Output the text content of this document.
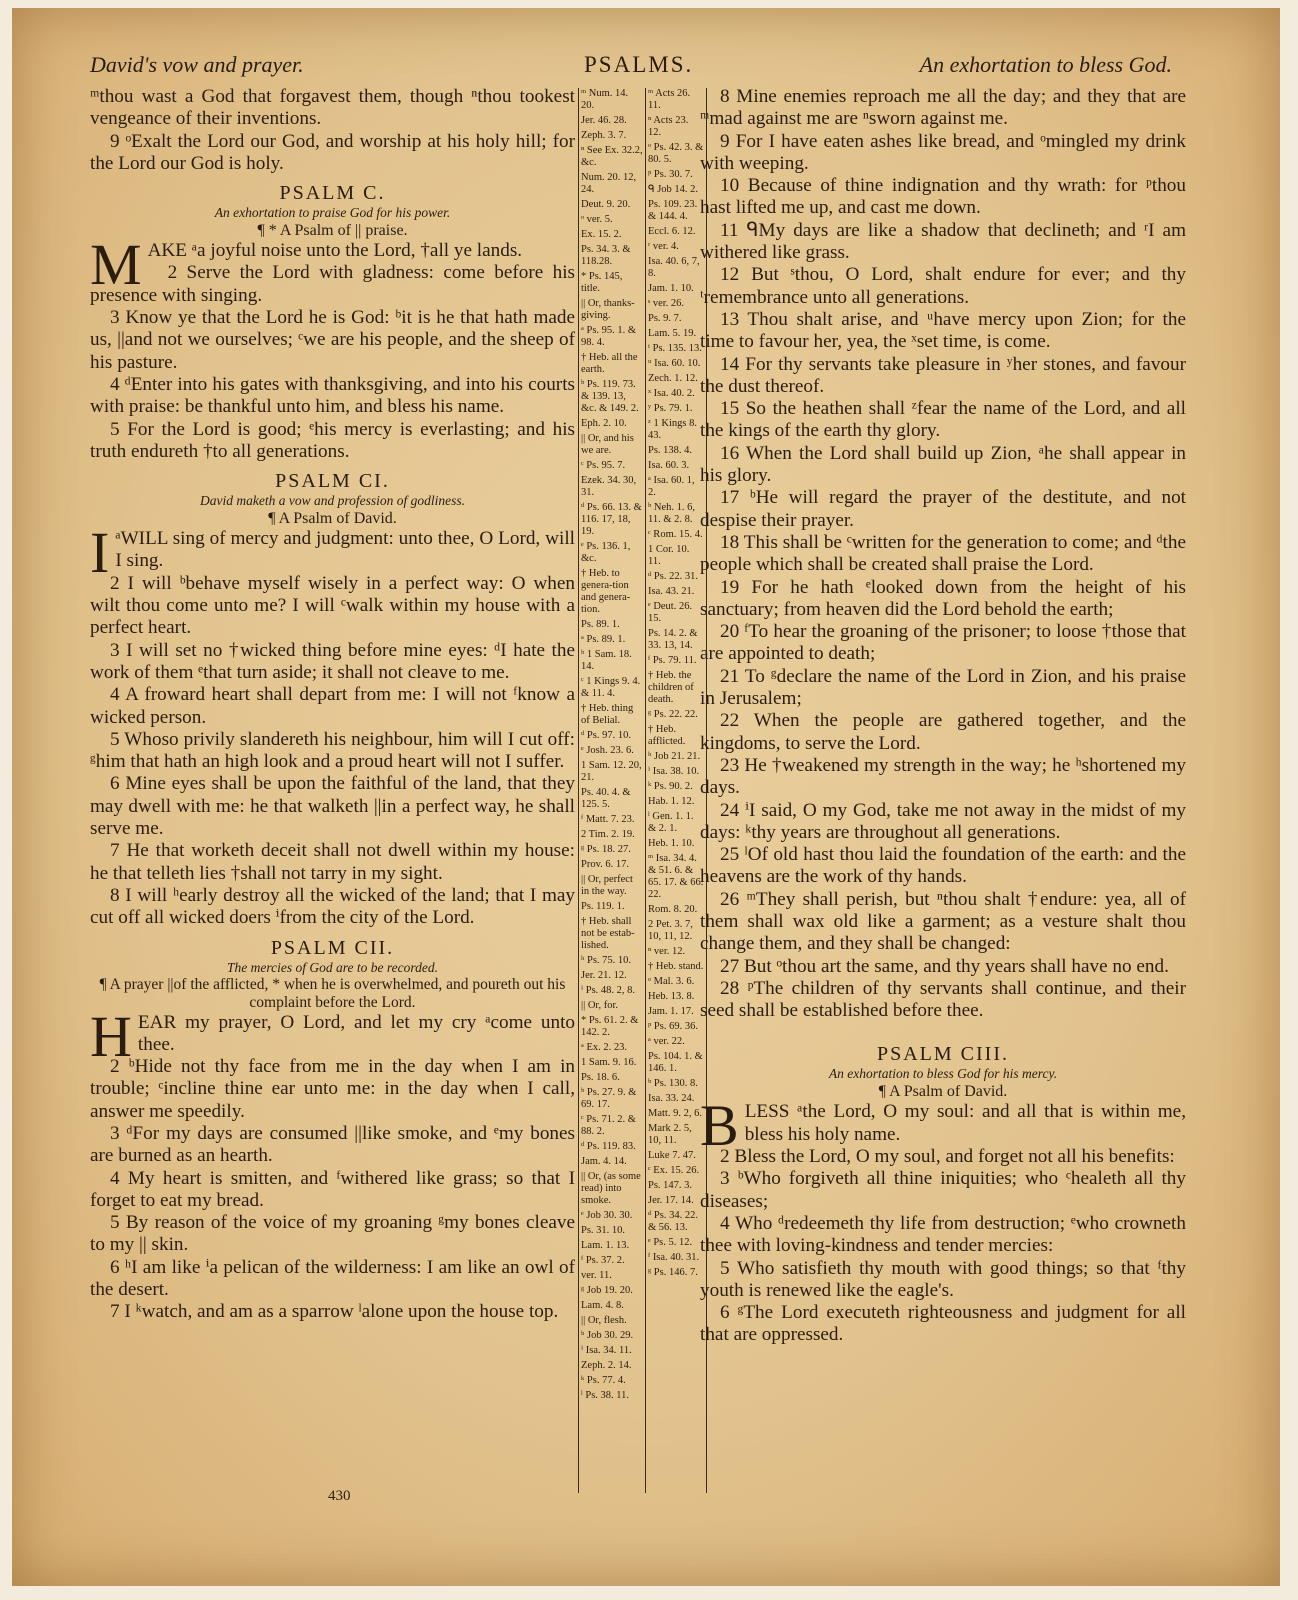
David's vow and prayer.	PSALMS.	An exhortation to bless God.

ᵐthou wast a God that forgavest them, though ⁿthou tookest vengeance of their inventions.

9 ᵒExalt the Lord our God, and worship at his holy hill; for the Lord our God is holy.

PSALM C.
An exhortation to praise God for his power.
¶ * A Psalm of || praise.

MAKE ᵃa joyful noise unto the Lord, †all ye lands.

2 Serve the Lord with gladness: come before his presence with singing.

3 Know ye that the Lord he is God: ᵇit is he that hath made us, ||and not we ourselves; ᶜwe are his people, and the sheep of his pasture.

4 ᵈEnter into his gates with thanksgiving, and into his courts with praise: be thankful unto him, and bless his name.

5 For the Lord is good; ᵉhis mercy is everlasting; and his truth endureth †to all generations.

PSALM CI.
David maketh a vow and profession of godliness.
¶ A Psalm of David.

IᵃWILL sing of mercy and judgment: unto thee, O Lord, will I sing.

2 I will ᵇbehave myself wisely in a perfect way: O when wilt thou come unto me? I will ᶜwalk within my house with a perfect heart.

3 I will set no †wicked thing before mine eyes: ᵈI hate the work of them ᵉthat turn aside; it shall not cleave to me.

4 A froward heart shall depart from me: I will not ᶠknow a wicked person.

5 Whoso privily slandereth his neighbour, him will I cut off: ᵍhim that hath an high look and a proud heart will not I suffer.

6 Mine eyes shall be upon the faithful of the land, that they may dwell with me: he that walketh ||in a perfect way, he shall serve me.

7 He that worketh deceit shall not dwell within my house: he that telleth lies †shall not tarry in my sight.

8 I will ʰearly destroy all the wicked of the land; that I may cut off all wicked doers ⁱfrom the city of the Lord.

PSALM CII.
The mercies of God are to be recorded.
¶ A prayer ||of the afflicted, * when he is overwhelmed, and poureth out his complaint before the Lord.

HEAR my prayer, O Lord, and let my cry ᵃcome unto thee.

2 ᵇHide not thy face from me in the day when I am in trouble; ᶜincline thine ear unto me: in the day when I call, answer me speedily.

3 ᵈFor my days are consumed ||like smoke, and ᵉmy bones are burned as an hearth.

4 My heart is smitten, and ᶠwithered like grass; so that I forget to eat my bread.

5 By reason of the voice of my groaning ᵍmy bones cleave to my || skin.

6 ʰI am like ⁱa pelican of the wilderness: I am like an owl of the desert.

7 I ᵏwatch, and am as a sparrow ˡalone upon the house top.

ᵐ Num. 14. 20.
Jer. 46. 28.
Zeph. 3. 7.
ⁿ See Ex. 32.2, &c.
Num. 20. 12, 24.
Deut. 9. 20.
ᵒ ver. 5.
Ex. 15. 2.
Ps. 34. 3. & 118.28.
* Ps. 145, title.
|| Or, thanks-giving.
ᵃ Ps. 95. 1. & 98. 4.
† Heb. all the earth.
ᵇ Ps. 119. 73. & 139. 13, &c. & 149. 2.
Eph. 2. 10.
|| Or, and his we are.
ᶜ Ps. 95. 7.
Ezek. 34. 30, 31.
ᵈ Ps. 66. 13. & 116. 17, 18, 19.
ᵉ Ps. 136. 1, &c.
† Heb. to genera-tion and genera-tion.
Ps. 89. 1.
ᵃ Ps. 89. 1.
ᵇ 1 Sam. 18. 14.
ᶜ 1 Kings 9. 4. & 11. 4.
† Heb. thing of Belial.
ᵈ Ps. 97. 10.
ᵉ Josh. 23. 6.
1 Sam. 12. 20, 21.
Ps. 40. 4. & 125. 5.
ᶠ Matt. 7. 23.
2 Tim. 2. 19.
ᵍ Ps. 18. 27.
Prov. 6. 17.
|| Or, perfect in the way.
Ps. 119. 1.
† Heb. shall not be estab-lished.
ʰ Ps. 75. 10.
Jer. 21. 12.
ⁱ Ps. 48. 2, 8.
|| Or, for.
* Ps. 61. 2. & 142. 2.
ᵃ Ex. 2. 23.
1 Sam. 9. 16.
Ps. 18. 6.
ᵇ Ps. 27. 9. & 69. 17.
ᶜ Ps. 71. 2. & 88. 2.
ᵈ Ps. 119. 83.
Jam. 4. 14.
|| Or, (as some read) into smoke.
ᵉ Job 30. 30.
Ps. 31. 10.
Lam. 1. 13.
ᶠ Ps. 37. 2.
ver. 11.
ᵍ Job 19. 20.
Lam. 4. 8.
|| Or, flesh.
ʰ Job 30. 29.
ⁱ Isa. 34. 11.
Zeph. 2. 14.
ᵏ Ps. 77. 4.
ˡ Ps. 38. 11.
ᵐ Acts 26. 11.
ⁿ Acts 23. 12.
ᵒ Ps. 42. 3. & 80. 5.
ᵖ Ps. 30. 7.
ᑫ Job 14. 2.
Ps. 109. 23. & 144. 4.
Eccl. 6. 12.
ʳ ver. 4.
Isa. 40. 6, 7, 8.
Jam. 1. 10.
ˢ ver. 26.
Ps. 9. 7.
Lam. 5. 19.
ᵗ Ps. 135. 13.
ᵘ Isa. 60. 10.
Zech. 1. 12.
ˣ Isa. 40. 2.
ʸ Ps. 79. 1.
ᶻ 1 Kings 8. 43.
Ps. 138. 4.
Isa. 60. 3.
ᵃ Isa. 60. 1, 2.
ᵇ Neh. 1. 6, 11. & 2. 8.
ᶜ Rom. 15. 4.
1 Cor. 10. 11.
ᵈ Ps. 22. 31.
Isa. 43. 21.
ᵉ Deut. 26. 15.
Ps. 14. 2. & 33. 13, 14.
ᶠ Ps. 79. 11.
† Heb. the children of death.
ᵍ Ps. 22. 22.
† Heb. afflicted.
ʰ Job 21. 21.
ⁱ Isa. 38. 10.
ᵏ Ps. 90. 2.
Hab. 1. 12.
ˡ Gen. 1. 1. & 2. 1.
Heb. 1. 10.
ᵐ Isa. 34. 4. & 51. 6. & 65. 17. & 66. 22.
Rom. 8. 20.
2 Pet. 3. 7, 10, 11, 12.
ⁿ ver. 12.
† Heb. stand.
ᵒ Mal. 3. 6.
Heb. 13. 8.
Jam. 1. 17.
ᵖ Ps. 69. 36.
ᵃ ver. 22.
Ps. 104. 1. & 146. 1.
ᵇ Ps. 130. 8.
Isa. 33. 24.
Matt. 9. 2, 6.
Mark 2. 5, 10, 11.
Luke 7. 47.
ᶜ Ex. 15. 26.
Ps. 147. 3.
Jer. 17. 14.
ᵈ Ps. 34. 22. & 56. 13.
ᵉ Ps. 5. 12.
ᶠ Isa. 40. 31.
ᵍ Ps. 146. 7.

8 Mine enemies reproach me all the day; and they that are ᵐmad against me are ⁿsworn against me.

9 For I have eaten ashes like bread, and ᵒmingled my drink with weeping.

10 Because of thine indignation and thy wrath: for ᵖthou hast lifted me up, and cast me down.

11 ᑫMy days are like a shadow that declineth; and ʳI am withered like grass.

12 But ˢthou, O Lord, shalt endure for ever; and thy ᵗremembrance unto all generations.

13 Thou shalt arise, and ᵘhave mercy upon Zion; for the time to favour her, yea, the ˣset time, is come.

14 For thy servants take pleasure in ʸher stones, and favour the dust thereof.

15 So the heathen shall ᶻfear the name of the Lord, and all the kings of the earth thy glory.

16 When the Lord shall build up Zion, ᵃhe shall appear in his glory.

17 ᵇHe will regard the prayer of the destitute, and not despise their prayer.

18 This shall be ᶜwritten for the generation to come; and ᵈthe people which shall be created shall praise the Lord.

19 For he hath ᵉlooked down from the height of his sanctuary; from heaven did the Lord behold the earth;

20 ᶠTo hear the groaning of the prisoner; to loose †those that are appointed to death;

21 To ᵍdeclare the name of the Lord in Zion, and his praise in Jerusalem;

22 When the people are gathered together, and the kingdoms, to serve the Lord.

23 He †weakened my strength in the way; he ʰshortened my days.

24 ⁱI said, O my God, take me not away in the midst of my days: ᵏthy years are throughout all generations.

25 ˡOf old hast thou laid the foundation of the earth: and the heavens are the work of thy hands.

26 ᵐThey shall perish, but ⁿthou shalt †endure: yea, all of them shall wax old like a garment; as a vesture shalt thou change them, and they shall be changed:

27 But ᵒthou art the same, and thy years shall have no end.

28 ᵖThe children of thy servants shall continue, and their seed shall be established before thee.

PSALM CIII.
An exhortation to bless God for his mercy.
¶ A Psalm of David.

BLESS ᵃthe Lord, O my soul: and all that is within me, bless his holy name.

2 Bless the Lord, O my soul, and forget not all his benefits:

3 ᵇWho forgiveth all thine iniquities; who ᶜhealeth all thy diseases;

4 Who ᵈredeemeth thy life from destruction; ᵉwho crowneth thee with loving-kindness and tender mercies:

5 Who satisfieth thy mouth with good things; so that ᶠthy youth is renewed like the eagle's.

6 ᵍThe Lord executeth righteousness and judgment for all that are oppressed.

430
